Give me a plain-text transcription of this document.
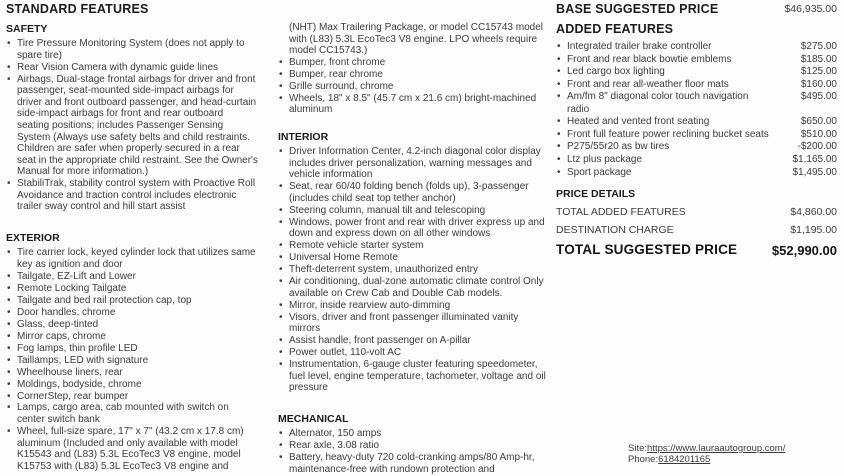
STANDARD FEATURES
SAFETY
• Tire Pressure Monitoring System (does not apply to spare tire)
• Rear Vision Camera with dynamic guide lines
• Airbags, Dual-stage frontal airbags for driver and front passenger, seat-mounted side-impact airbags for driver and front outboard passenger, and head-curtain side-impact airbags for front and rear outboard seating positions; includes Passenger Sensing System (Always use safety belts and child restraints. Children are safer when properly secured in a rear seat in the appropriate child restraint. See the Owner's Manual for more information.)
• StabiliTrak, stability control system with Proactive Roll Avoidance and traction control includes electronic trailer sway control and hill start assist
EXTERIOR
• Tire carrier lock, keyed cylinder lock that utilizes same key as ignition and door
• Tailgate, EZ-Lift and Lower
• Remote Locking Tailgate
• Tailgate and bed rail protection cap, top
• Door handles, chrome
• Glass, deep-tinted
• Mirror caps, chrome
• Fog lamps, thin profile LED
• Taillamps, LED with signature
• Wheelhouse liners, rear
• Moldings, bodyside, chrome
• CornerStep, rear bumper
• Lamps, cargo area, cab mounted with switch on center switch bank
• Wheel, full-size spare, 17" x 7" (43.2 cm x 17.8 cm) aluminum (Included and only available with model K15543 and (L83) 5.3L EcoTec3 V8 engine, model K15753 with (L83) 5.3L EcoTec3 V8 engine and

(NHT) Max Trailering Package, or model CC15743 model with (L83) 5.3L EcoTec3 V8 engine. LPO wheels require model CC15743.)

• Bumper, front chrome
• Bumper, rear chrome
• Grille surround, chrome
• Wheels, 18" x 8.5" (45.7 cm x 21.6 cm) bright-machined aluminum
INTERIOR
• Driver Information Center, 4.2-inch diagonal color display includes driver personalization, warning messages and vehicle information
• Seat, rear 60/40 folding bench (folds up), 3-passenger (includes child seat top tether anchor)
• Steering column, manual tilt and telescoping
• Windows, power front and rear with driver express up and down and express down on all other windows
• Remote vehicle starter system
• Universal Home Remote
• Theft-deterrent system, unauthorized entry
• Air conditioning, dual-zone automatic climate control Only available on Crew Cab and Double Cab models.
• Mirror, inside rearview auto-dimming
• Visors, driver and front passenger illuminated vanity mirrors
• Assist handle, front passenger on A-pillar
• Power outlet, 110-volt AC
• Instrumentation, 6-gauge cluster featuring speedometer, fuel level, engine temperature, tachometer, voltage and oil pressure
MECHANICAL
• Alternator, 150 amps
• Rear axle, 3.08 ratio
• Battery, heavy-duty 720 cold-cranking amps/80 Amp-hr, maintenance-free with rundown protection and
BASE SUGGESTED PRICE	$46,935.00
ADDED FEATURES
• Integrated trailer brake controller	$275.00
• Front and rear black bowtie emblems	$185.00
• Led cargo box lighting	$125.00
• Front and rear all-weather floor mats	$160.00
• Am/fm 8" diagonal color touch navigation radio
$495.00
• Heated and vented front seating	$650.00
• Front full feature power reclining bucket seats	$510.00
• P275/55r20 as bw tires	-$200.00
• Ltz plus package	$1,165.00
• Sport package	$1,495.00
PRICE DETAILS
TOTAL ADDED FEATURES	$4,860.00
DESTINATION CHARGE	$1,195.00
TOTAL SUGGESTED PRICE	$52,990.00
Site:https://www.lauraautogroup.com/
Phone:6184201165
